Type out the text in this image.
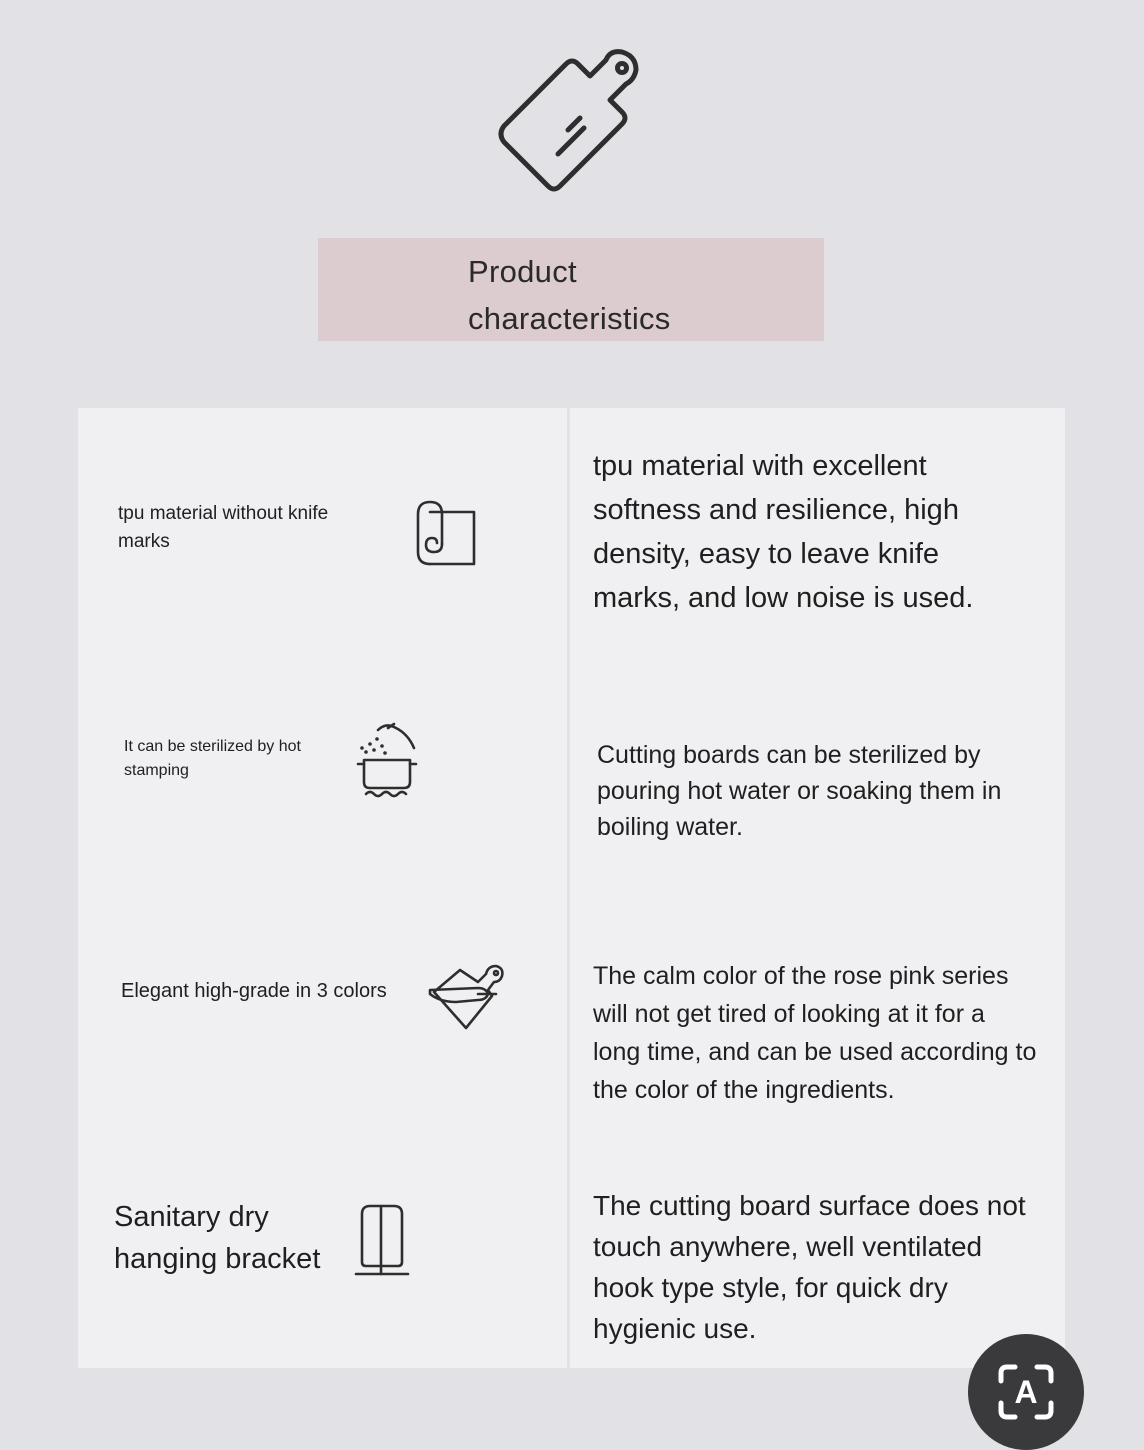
Product
characteristics
tpu material without knife marks
tpu material with excellent softness and resilience, high density, easy to leave knife marks, and low noise is used.
It can be sterilized by hot stamping
Cutting boards can be sterilized by pouring hot water or soaking them in boiling water.
Elegant high-grade in 3 colors
The calm color of the rose pink series will not get tired of looking at it for a long time, and can be used according to the color of the ingredients.
Sanitary dry hanging bracket
The cutting board surface does not touch anywhere, well ventilated hook type style, for quick dry hygienic use.
A
